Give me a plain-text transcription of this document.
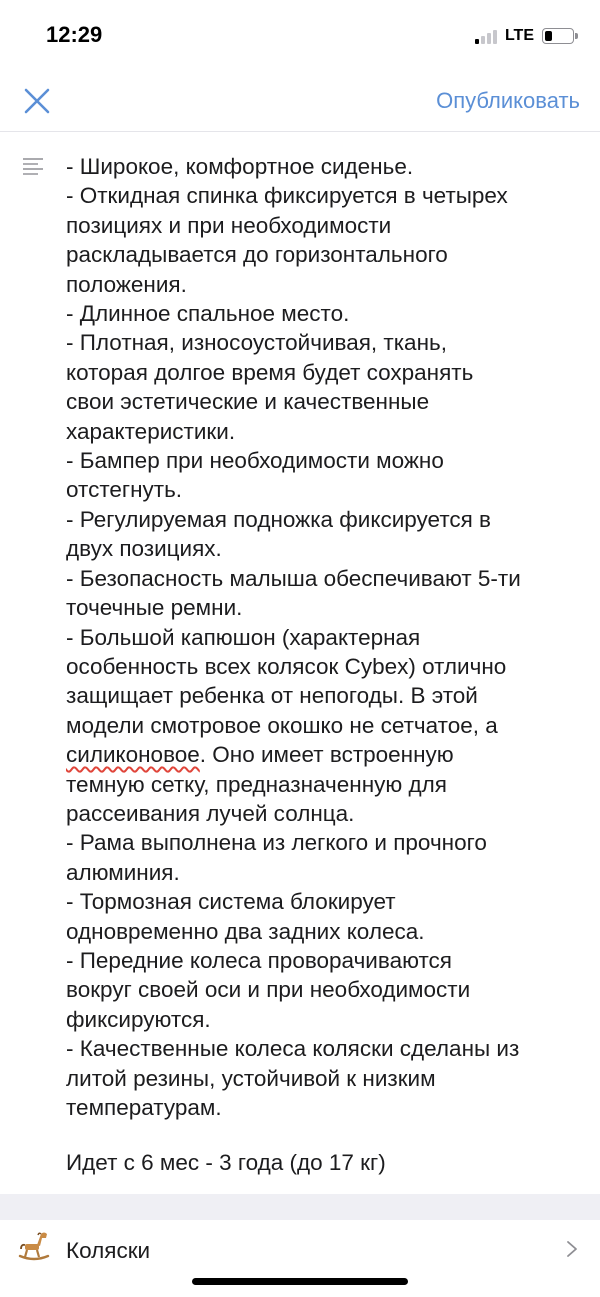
12:29	LTE
Опубликовать

- Широкое, комфортное сиденье.

- Откидная спинка фиксируется в четырех

позициях и при необходимости

раскладывается до горизонтального

положения.

- Длинное спальное место.

- Плотная, износоустойчивая, ткань,

которая долгое время будет сохранять

свои эстетические и качественные

характеристики.

- Бампер при необходимости можно

отстегнуть.

- Регулируемая подножка фиксируется в

двух позициях.

- Безопасность малыша обеспечивают 5-ти

точечные ремни.

- Большой капюшон (характерная

особенность всех колясок Cybex) отлично

защищает ребенка от непогоды. В этой

модели смотровое окошко не сетчатое, а

силиконовое. Оно имеет встроенную

темную сетку, предназначенную для

рассеивания лучей солнца.

- Рама выполнена из легкого и прочного

алюминия.

- Тормозная система блокирует

одновременно два задних колеса.

- Передние колеса проворачиваются

вокруг своей оси и при необходимости

фиксируются.

- Качественные колеса коляски сделаны из

литой резины, устойчивой к низким

температурам.

Идет с 6 мес - 3 года (до 17 кг)
Коляски
